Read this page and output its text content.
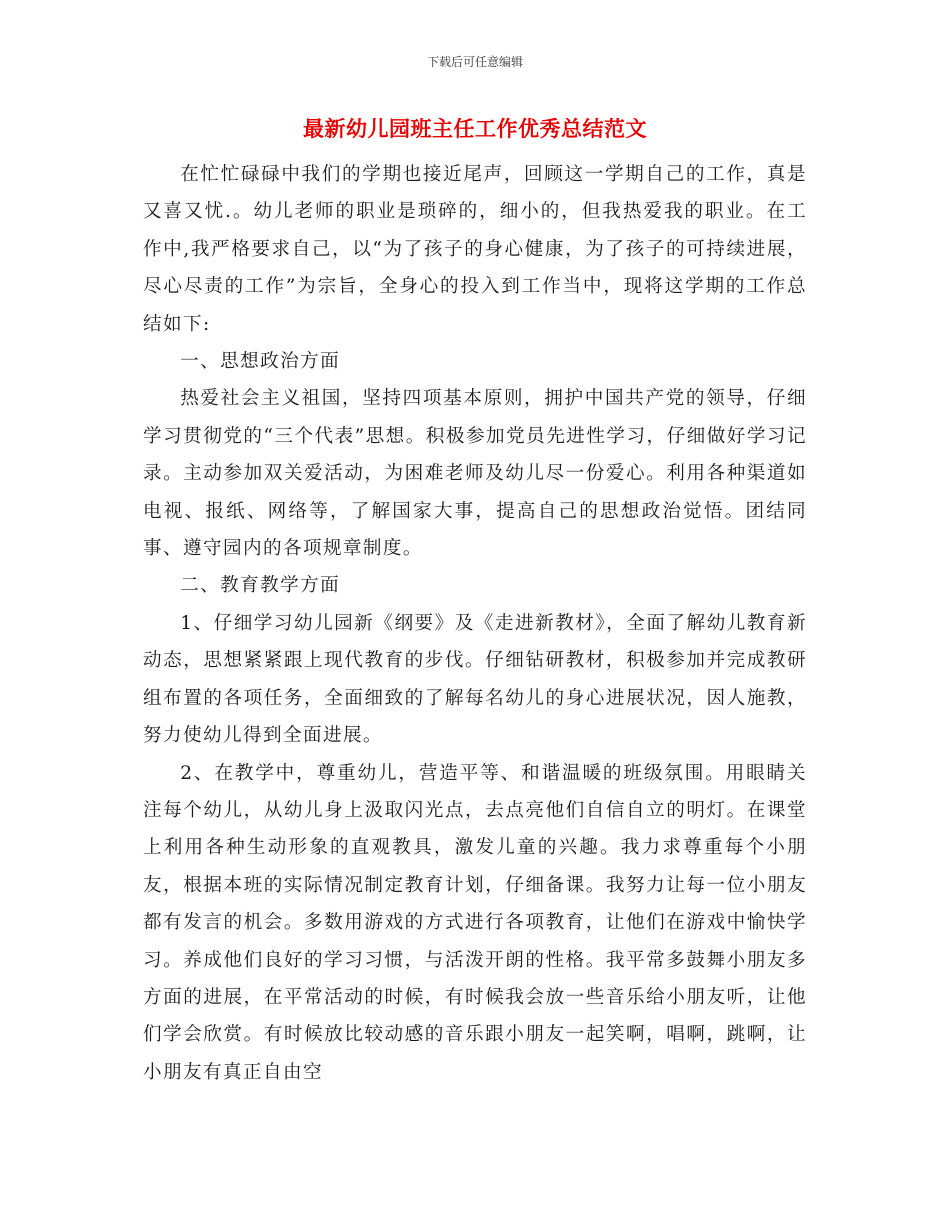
下载后可任意编辑
最新幼儿园班主任工作优秀总结范文

在忙忙碌碌中我们的学期也接近尾声，回顾这一学期自己的工作，真是又喜又忧.。幼儿老师的职业是琐碎的，细小的，但我热爱我的职业。在工作中,我严格要求自己，以“为了孩子的身心健康，为了孩子的可持续进展，尽心尽责的工作”为宗旨，全身心的投入到工作当中，现将这学期的工作总结如下:

一、思想政治方面

热爱社会主义祖国，坚持四项基本原则，拥护中国共产党的领导，仔细学习贯彻党的“三个代表”思想。积极参加党员先进性学习，仔细做好学习记录。主动参加双关爱活动，为困难老师及幼儿尽一份爱心。利用各种渠道如电视、报纸、网络等，了解国家大事，提高自己的思想政治觉悟。团结同事、遵守园内的各项规章制度。

二、教育教学方面

1、仔细学习幼儿园新《纲要》及《走进新教材》，全面了解幼儿教育新动态，思想紧紧跟上现代教育的步伐。仔细钻研教材，积极参加并完成教研组布置的各项任务，全面细致的了解每名幼儿的身心进展状况，因人施教，努力使幼儿得到全面进展。

2、在教学中，尊重幼儿，营造平等、和谐温暖的班级氛围。用眼睛关注每个幼儿，从幼儿身上汲取闪光点，去点亮他们自信自立的明灯。在课堂上利用各种生动形象的直观教具，激发儿童的兴趣。我力求尊重每个小朋友，根据本班的实际情况制定教育计划，仔细备课。我努力让每一位小朋友都有发言的机会。多数用游戏的方式进行各项教育，让他们在游戏中愉快学习。养成他们良好的学习习惯，与活泼开朗的性格。我平常多鼓舞小朋友多方面的进展，在平常活动的时候，有时候我会放一些音乐给小朋友听，让他们学会欣赏。有时候放比较动感的音乐跟小朋友一起笑啊，唱啊，跳啊，让小朋友有真正自由空
